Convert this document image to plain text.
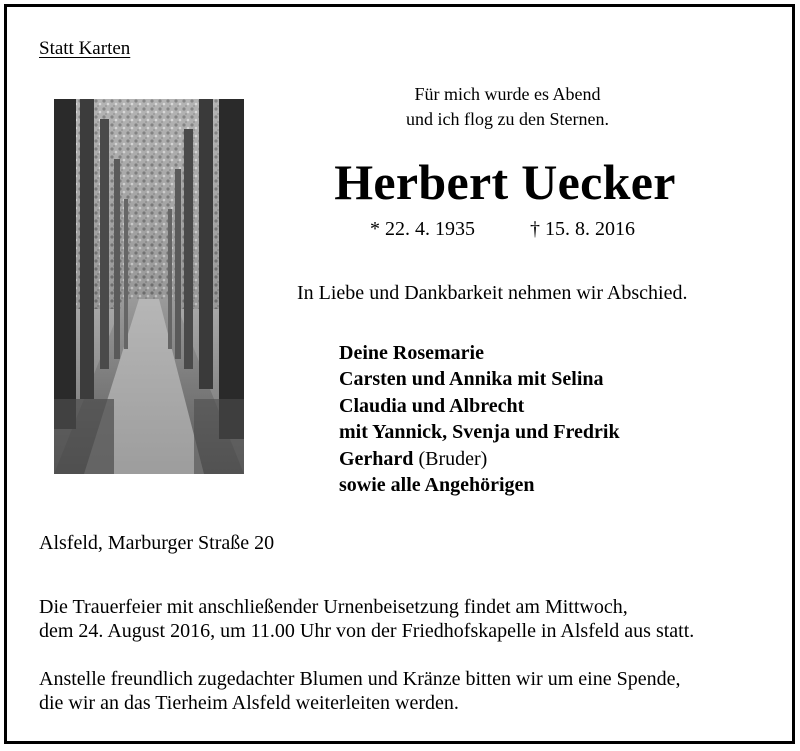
Statt Karten
Für mich wurde es Abend
und ich flog zu den Sternen.
Herbert Uecker
* 22. 4. 1935	† 15. 8. 2016
In Liebe und Dankbarkeit nehmen wir Abschied.
Deine Rosemarie
Carsten und Annika mit Selina
Claudia und Albrecht
mit Yannick, Svenja und Fredrik
Gerhard (Bruder)
sowie alle Angehörigen
Alsfeld, Marburger Straße 20
Die Trauerfeier mit anschließender Urnenbeisetzung findet am Mittwoch,
dem 24. August 2016, um 11.00 Uhr von der Friedhofskapelle in Alsfeld aus statt.
Anstelle freundlich zugedachter Blumen und Kränze bitten wir um eine Spende,
die wir an das Tierheim Alsfeld weiterleiten werden.
